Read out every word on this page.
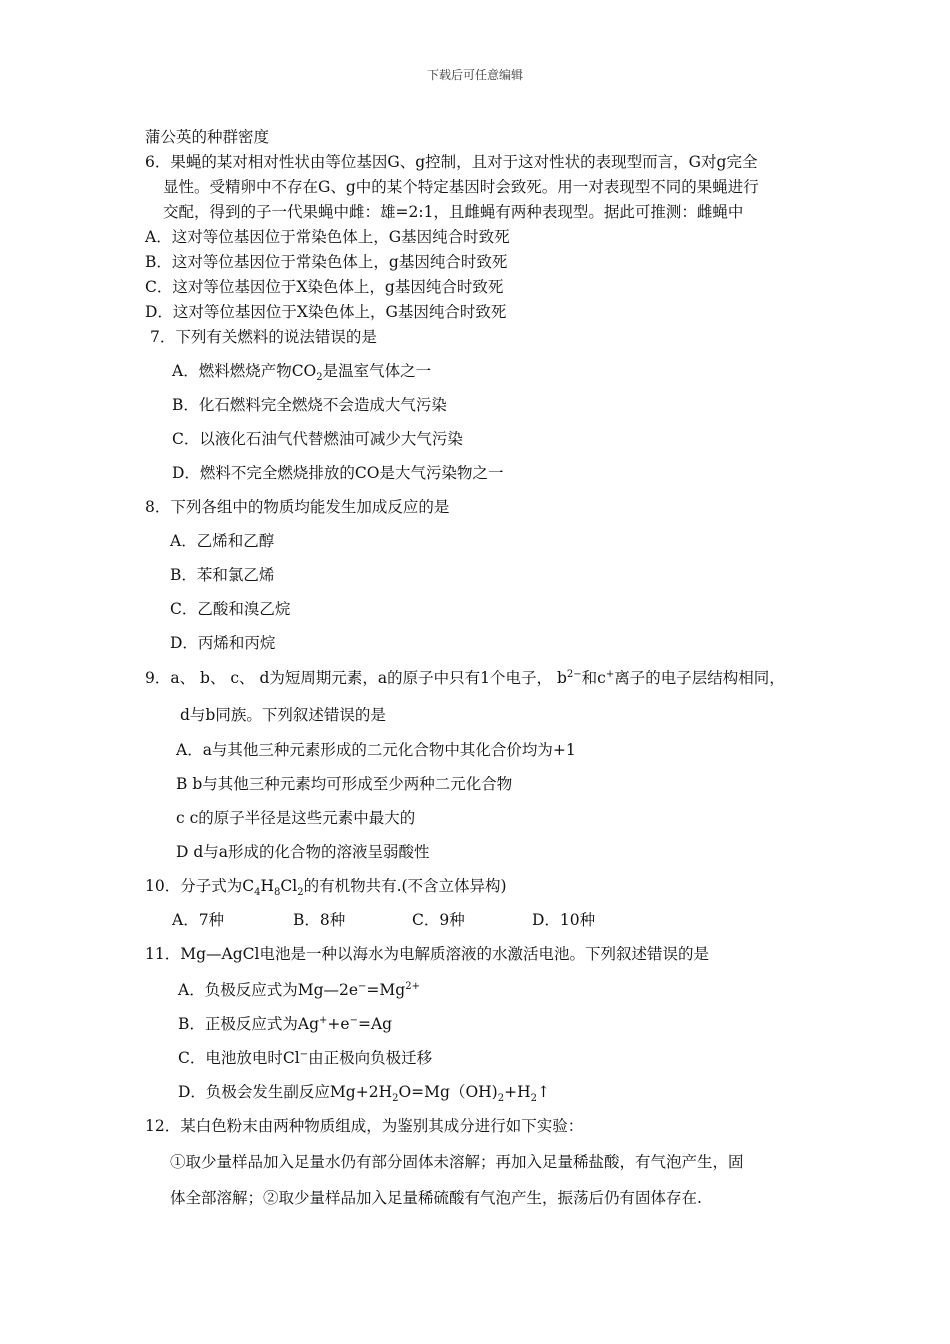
下载后可任意编辑
蒲公英的种群密度
6．果蝇的某对相对性状由等位基因G、g控制，且对于这对性状的表现型而言，G对g完全
显性。受精卵中不存在G、g中的某个特定基因时会致死。用一对表现型不同的果蝇进行
交配，得到的子一代果蝇中雌：雄=2:1，且雌蝇有两种表现型。据此可推测：雌蝇中
A．这对等位基因位于常染色体上，G基因纯合时致死
B．这对等位基因位于常染色体上，g基因纯合时致死
C．这对等位基因位于X染色体上，g基因纯合时致死
D．这对等位基因位于X染色体上，G基因纯合时致死
7．下列有关燃料的说法错误的是
A．燃料燃烧产物$CO_2$是温室气体之一
B．化石燃料完全燃烧不会造成大气污染
C．以液化石油气代替燃油可减少大气污染
D．燃料不完全燃烧排放的CO是大气污染物之一
8．下列各组中的物质均能发生加成反应的是
A．乙烯和乙醇
B．苯和氯乙烯
C．乙酸和溴乙烷
D．丙烯和丙烷
9．a、 b、 c、 d为短周期元素，a的原子中只有1个电子， $b^{2-}$和c+离子的电子层结构相同，
d与b同族。下列叙述错误的是
A．a与其他三种元素形成的二元化合物中其化合价均为+1
B b与其他三种元素均可形成至少两种二元化合物
c c的原子半径是这些元素中最大的
D d与a形成的化合物的溶液呈弱酸性
10．分子式为$C_4H_8Cl_2$的有机物共有.(不含立体异构)
A．7种	B．8种	C．9种	D．10种
11．Mg—AgCl电池是一种以海水为电解质溶液的水激活电池。下列叙述错误的是
A．负极反应式为$Mg—2e^-=Mg^{2+}$
B．正极反应式为Ag++e−=Ag
C．电池放电时Cl−由正极向负极迁移
D．负极会发生副反应$Mg+2H_2O=Mg(OH)_2+H_2↑$
12．某白色粉末由两种物质组成，为鉴别其成分进行如下实验：
①取少量样品加入足量水仍有部分固体未溶解；再加入足量稀盐酸，有气泡产生，固
体全部溶解；②取少量样品加入足量稀硫酸有气泡产生，振荡后仍有固体存在.
